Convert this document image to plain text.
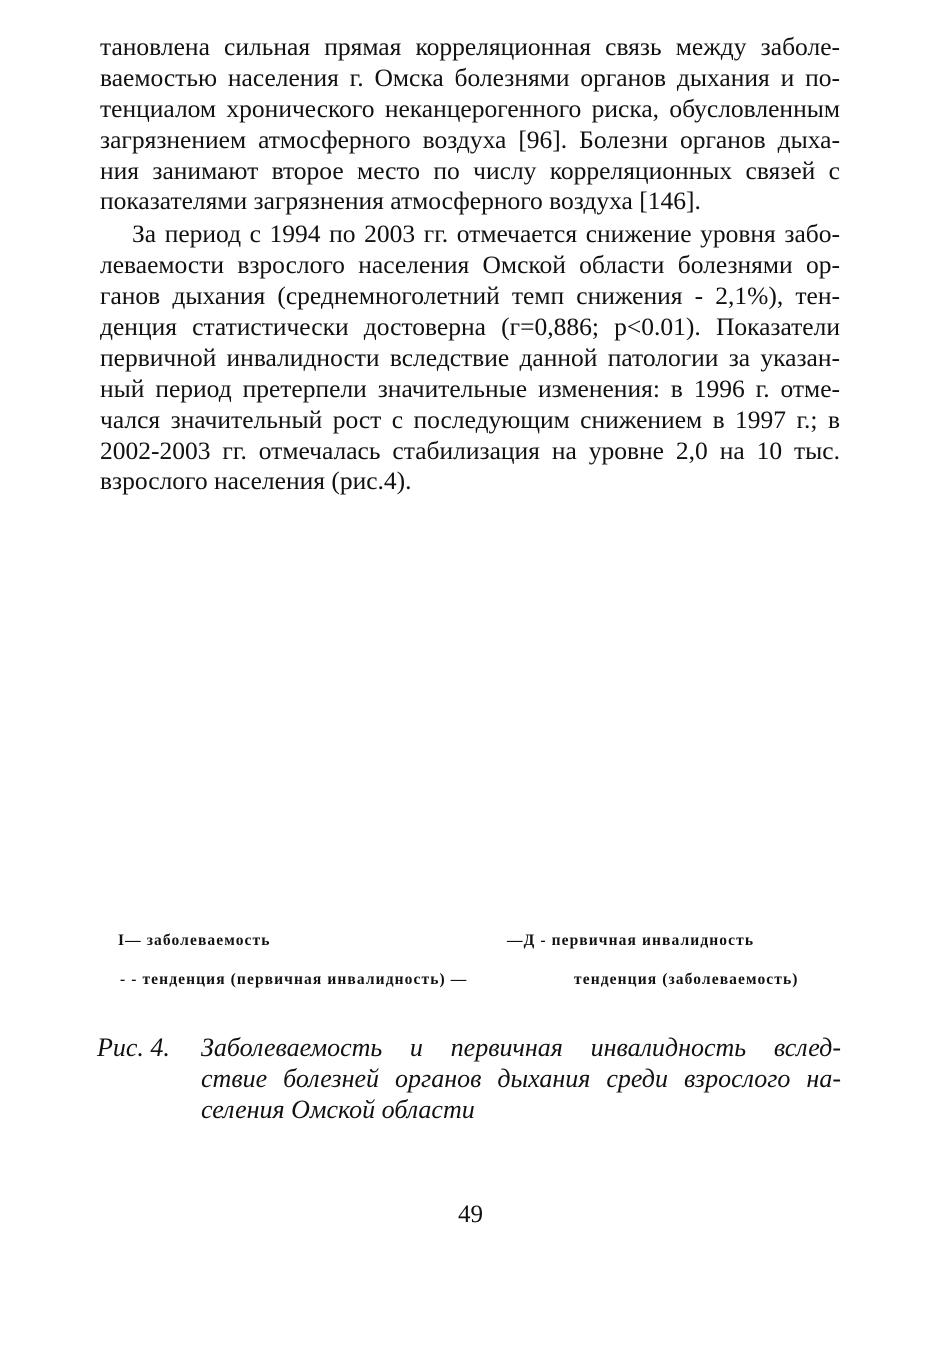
тановлена сильная прямая корреляционная связь между заболе-
ваемостью населения г. Омска болезнями органов дыхания и по-
тенциалом хронического неканцерогенного риска, обусловленным
загрязнением атмосферного воздуха [96]. Болезни органов дыха-
ния занимают второе место по числу корреляционных связей с
показателями загрязнения атмосферного воздуха [146].
За период с 1994 по 2003 гг. отмечается снижение уровня забо-
леваемости взрослого населения Омской области болезнями ор-
ганов дыхания (среднемноголетний темп снижения - 2,1%), тен-
денция статистически достоверна (г=0,886; р<0.01). Показатели
первичной инвалидности вследствие данной патологии за указан-
ный период претерпели значительные изменения: в 1996 г. отме-
чался значительный рост с последующим снижением в 1997 г.; в
2002-2003 гг. отмечалась стабилизация на уровне 2,0 на 10 тыс.
взрослого населения (рис.4).
I— заболеваемость	—Д - первичная инвалидность
- - тенденция (первичная инвалидность) —	тенденция (заболеваемость)
Рис. 4. Заболеваемость и первичная инвалидность вслед-
ствие болезней органов дыхания среди взрослого на-
селения Омской области
49
